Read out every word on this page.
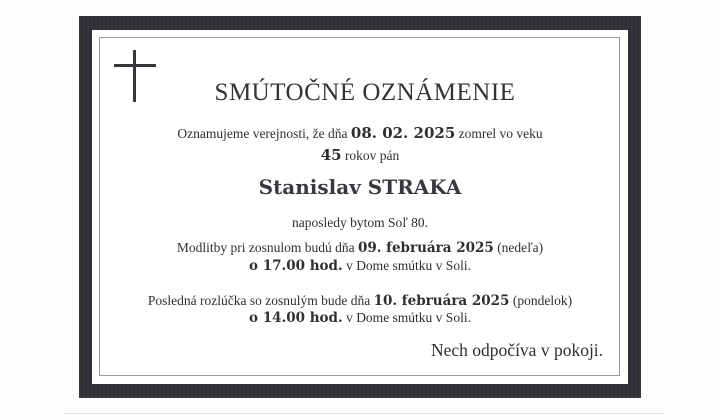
SMÚTOČNÉ OZNÁMENIE
Oznamujeme verejnosti, že dňa 08. 02. 2025 zomrel vo veku
45 rokov pán
Stanislav STRAKA
naposledy bytom Soľ 80.
Modlitby pri zosnulom budú dňa 09. februára 2025 (nedeľa)
o 17.00 hod. v Dome smútku v Soli.
Posledná rozlúčka so zosnulým bude dňa 10. februára 2025 (pondelok)
o 14.00 hod. v Dome smútku v Soli.
Nech odpočíva v pokoji.
